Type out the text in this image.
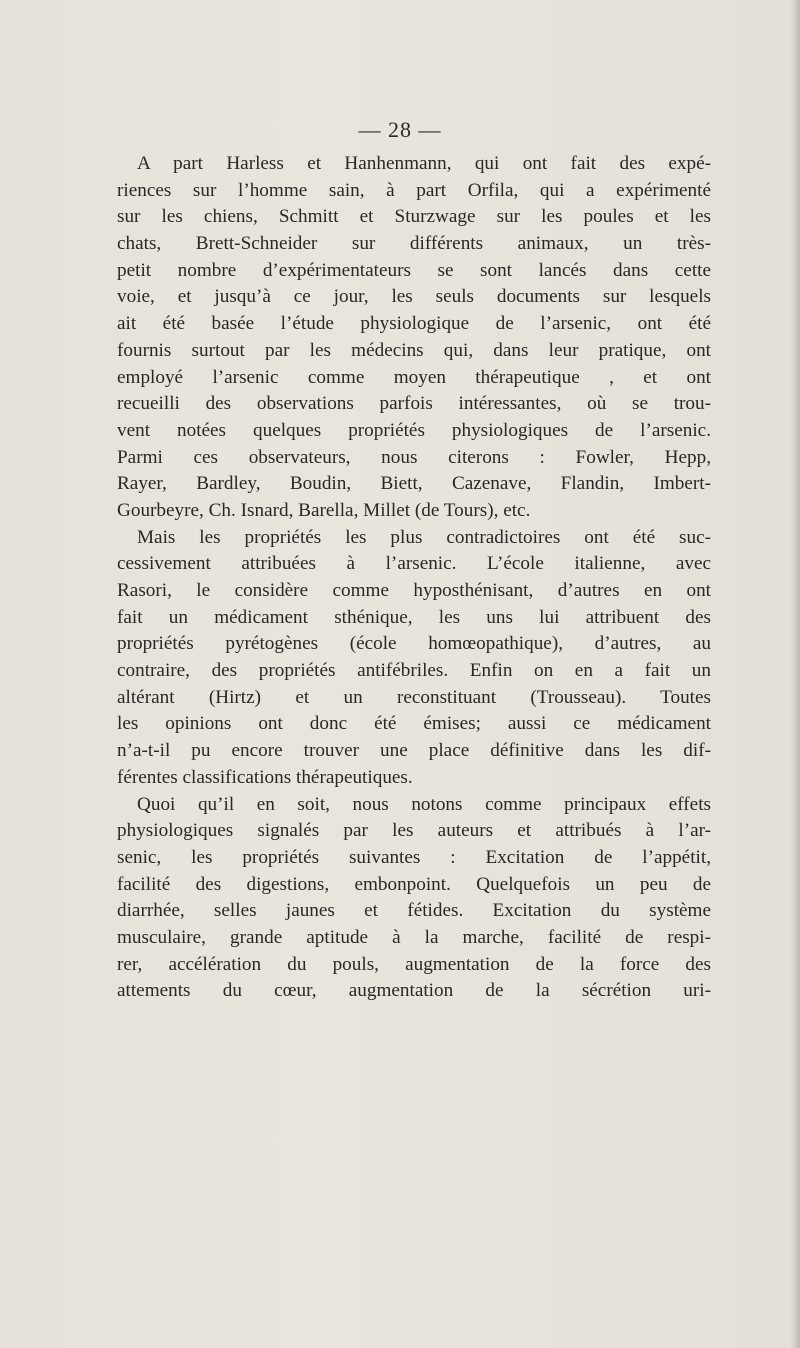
— 28 —
A part Harless et Hanhenmann, qui ont fait des expé-
riences sur l’homme sain, à part Orfila, qui a expérimenté
sur les chiens, Schmitt et Sturzwage sur les poules et les
chats, Brett-Schneider sur différents animaux, un très-
petit nombre d’expérimentateurs se sont lancés dans cette
voie, et jusqu’à ce jour, les seuls documents sur lesquels
ait été basée l’étude physiologique de l’arsenic, ont été
fournis surtout par les médecins qui, dans leur pratique, ont
employé l’arsenic comme moyen thérapeutique , et ont
recueilli des observations parfois intéressantes, où se trou-
vent notées quelques propriétés physiologiques de l’arsenic.
Parmi ces observateurs, nous citerons : Fowler, Hepp,
Rayer, Bardley, Boudin, Biett, Cazenave, Flandin, Imbert-
Gourbeyre, Ch. Isnard, Barella, Millet (de Tours), etc.
Mais les propriétés les plus contradictoires ont été suc-
cessivement attribuées à l’arsenic. L’école italienne, avec
Rasori, le considère comme hyposthénisant, d’autres en ont
fait un médicament sthénique, les uns lui attribuent des
propriétés pyrétogènes (école homœopathique), d’autres, au
contraire, des propriétés antifébriles. Enfin on en a fait un
altérant (Hirtz) et un reconstituant (Trousseau). Toutes
les opinions ont donc été émises; aussi ce médicament
n’a-t-il pu encore trouver une place définitive dans les dif-
férentes classifications thérapeutiques.
Quoi qu’il en soit, nous notons comme principaux effets
physiologiques signalés par les auteurs et attribués à l’ar-
senic, les propriétés suivantes : Excitation de l’appétit,
facilité des digestions, embonpoint. Quelquefois un peu de
diarrhée, selles jaunes et fétides. Excitation du système
musculaire, grande aptitude à la marche, facilité de respi-
rer, accélération du pouls, augmentation de la force des
attements du cœur, augmentation de la sécrétion uri-
